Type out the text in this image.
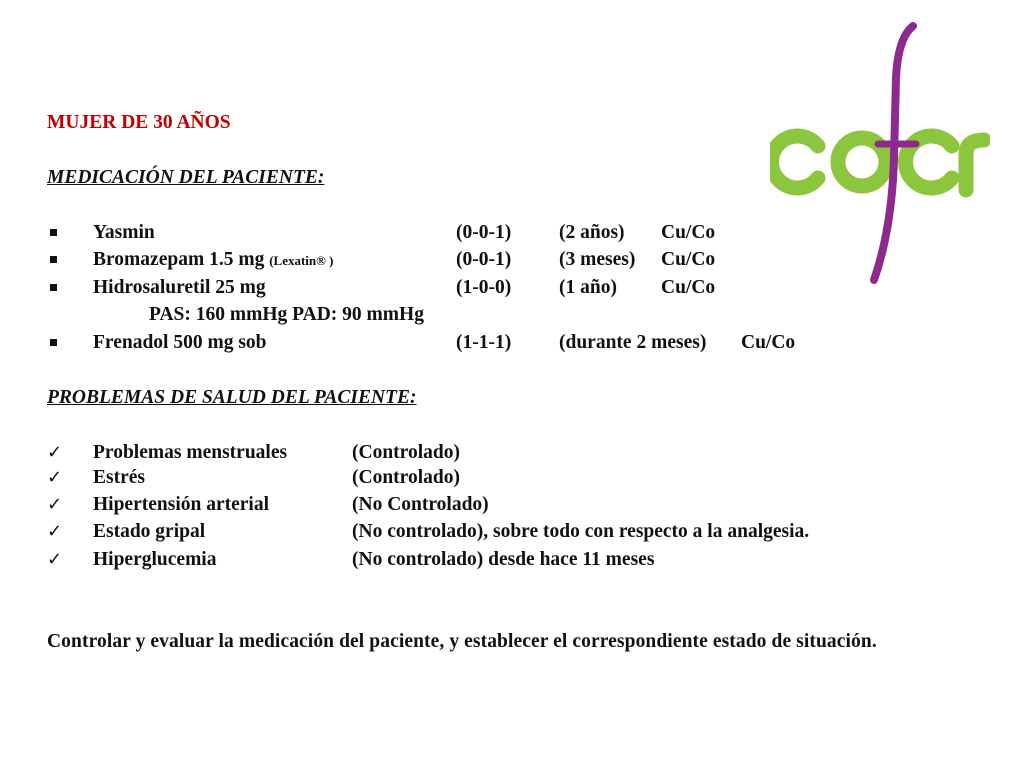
MUJER DE 30 AÑOS
MEDICACIÓN DEL PACIENTE:
Yasmin	(0-0-1) (2 años) Cu/Co
Bromazepam 1.5 mg (Lexatin® )	(0-0-1) (3 meses) Cu/Co
Hidrosaluretil 25 mg	(1-0-0) (1 año) Cu/Co
PAS: 160 mmHg PAD: 90 mmHg
Frenadol 500 mg sob	(1-1-1) (durante 2 meses) Cu/Co
PROBLEMAS DE SALUD DEL PACIENTE:
✓ Problemas menstruales	(Controlado)
✓ Estrés	(Controlado)
✓ Hipertensión arterial	(No Controlado)
✓ Estado gripal	(No controlado), sobre todo con respecto a la analgesia.
✓ Hiperglucemia	(No controlado) desde hace 11 meses
Controlar y evaluar la medicación del paciente, y establecer el correspondiente estado de situación.
